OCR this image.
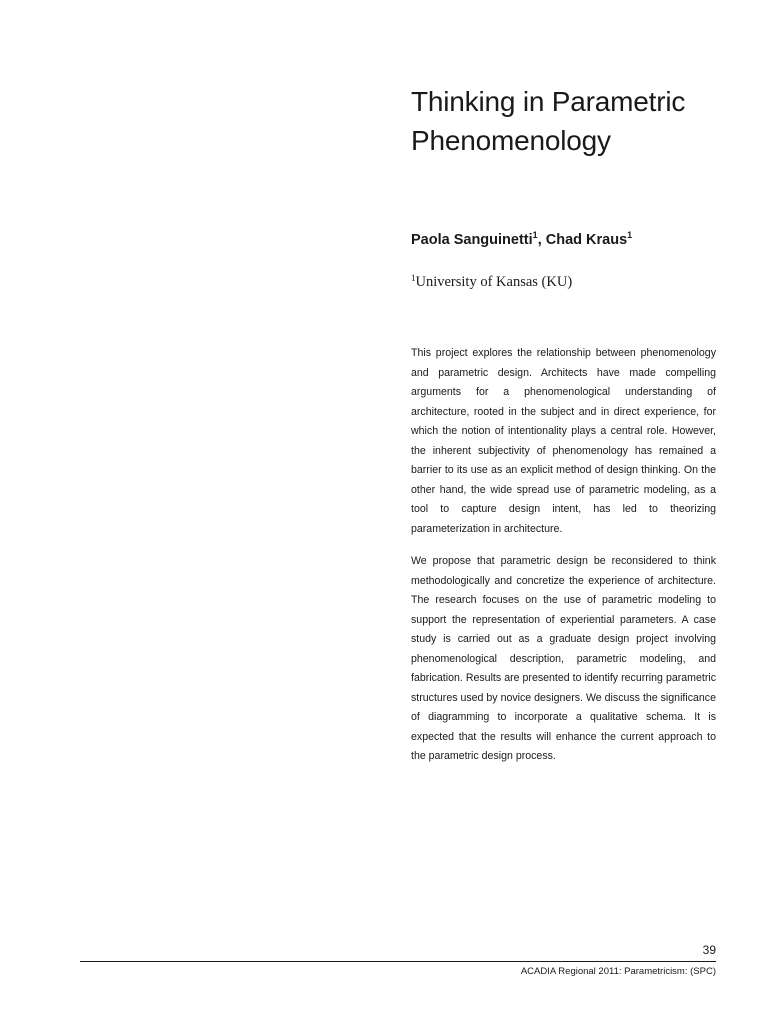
Thinking in Parametric
Phenomenology
Paola Sanguinetti$^1$, Chad Kraus$^1$
$^1$University of Kansas (KU)

This project explores the relationship between phenomenology and parametric design. Architects have made compelling arguments for a phenomenological understanding of architecture, rooted in the subject and in direct experience, for which the notion of intentionality plays a central role. However, the inherent subjectivity of phenomenology has remained a barrier to its use as an explicit method of design thinking. On the other hand, the wide spread use of parametric modeling, as a tool to capture design intent, has led to theorizing parameterization in architecture.

We propose that parametric design be reconsidered to think methodologically and concretize the experience of architecture. The research focuses on the use of parametric modeling to support the representation of experiential parameters. A case study is carried out as a graduate design project involving phenomenological description, parametric modeling, and fabrication. Results are presented to identify recurring parametric structures used by novice designers. We discuss the significance of diagramming to incorporate a qualitative schema. It is expected that the results will enhance the current approach to the parametric design process.

39
ACADIA Regional 2011: Parametricism: (SPC)
